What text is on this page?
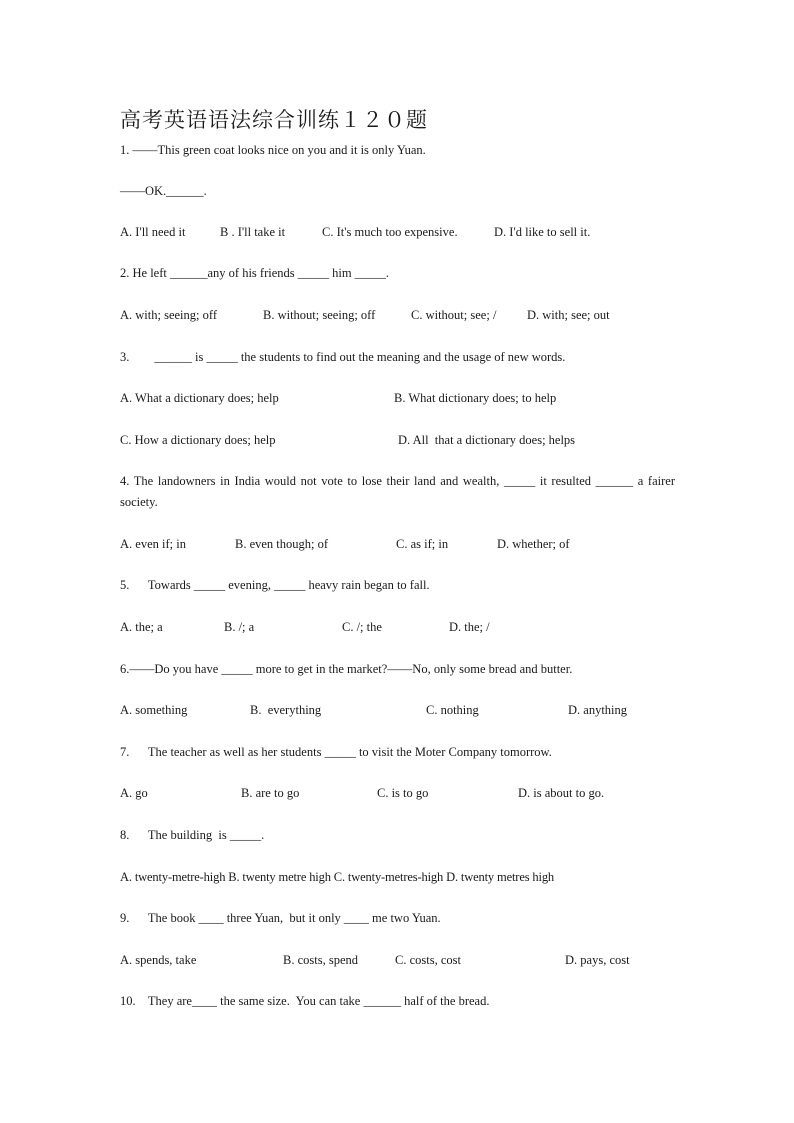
高考英语语法综合训练１２０题
1. ——This green coat looks nice on you and it is only Yuan.
——OK.______.
A. I'll need it	B . I'll take it	C. It's much too expensive.	D. I'd like to sell it.
2. He left ______any of his friends _____ him _____.
A. with; seeing; off	B. without; seeing; off	C. without; see; / D. with; see; out
3.        ______ is _____ the students to find out the meaning and the usage of new words.
A. What a dictionary does; help	B. What dictionary does; to help
C. How a dictionary does; help	D. All  that a dictionary does; helps
4. The landowners in India would not vote to lose their land and wealth, _____ it resulted ______ a fairer society.
A. even if; in	B. even though; of	C. as if; in	D. whether; of
5.      Towards _____ evening, _____ heavy rain began to fall.
A. the; a	B. /; a	C. /; the	D. the; /
6.——Do you have _____ more to get in the market?——No, only some bread and butter.
A. something	B.  everything	C. nothing	D. anything
7.      The teacher as well as her students _____ to visit the Moter Company tomorrow.
A. go	B. are to go	C. is to go	D. is about to go.
8.      The building  is _____.
A. twenty-metre-high B. twenty metre high C. twenty-metres-high D. twenty metres high
9.      The book ____ three Yuan,  but it only ____ me two Yuan.
A. spends, take	B. costs, spend	C. costs, cost	D. pays, cost
10.    They are____ the same size.  You can take ______ half of the bread.
